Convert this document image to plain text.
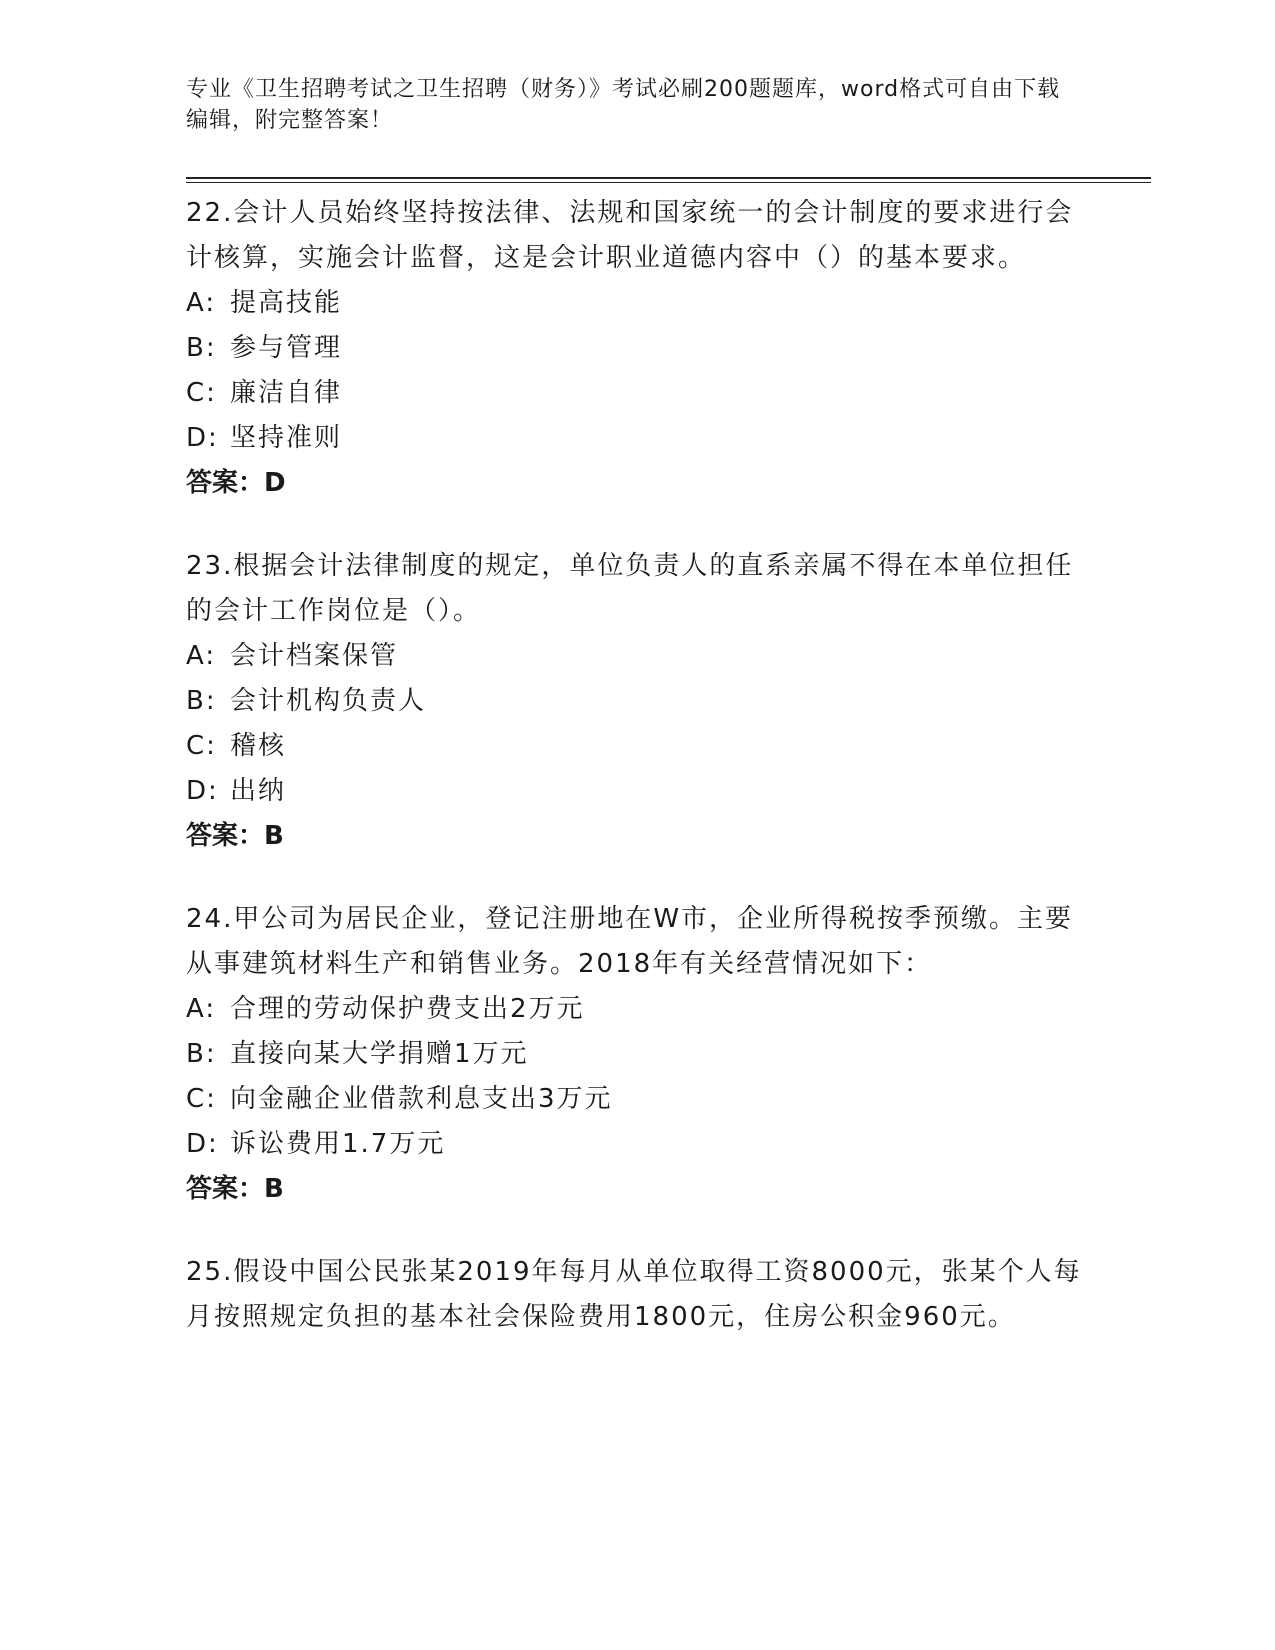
专业《卫生招聘考试之卫生招聘（财务）》考试必刷200题题库，word格式可自由下载编辑，附完整答案！

22.会计人员始终坚持按法律、法规和国家统一的会计制度的要求进行会计核算，实施会计监督，这是会计职业道德内容中（）的基本要求。

A: 提高技能

B: 参与管理

C: 廉洁自律

D: 坚持准则

答案：D

23.根据会计法律制度的规定，单位负责人的直系亲属不得在本单位担任的会计工作岗位是（）。

A: 会计档案保管

B: 会计机构负责人

C: 稽核

D: 出纳

答案：B

24.甲公司为居民企业，登记注册地在W市，企业所得税按季预缴。主要从事建筑材料生产和销售业务。2018年有关经营情况如下：

A: 合理的劳动保护费支出2万元

B: 直接向某大学捐赠1万元

C: 向金融企业借款利息支出3万元

D: 诉讼费用1.7万元

答案：B

25.假设中国公民张某2019年每月从单位取得工资8000元，张某个人每月按照规定负担的基本社会保险费用1800元，住房公积金960元。
